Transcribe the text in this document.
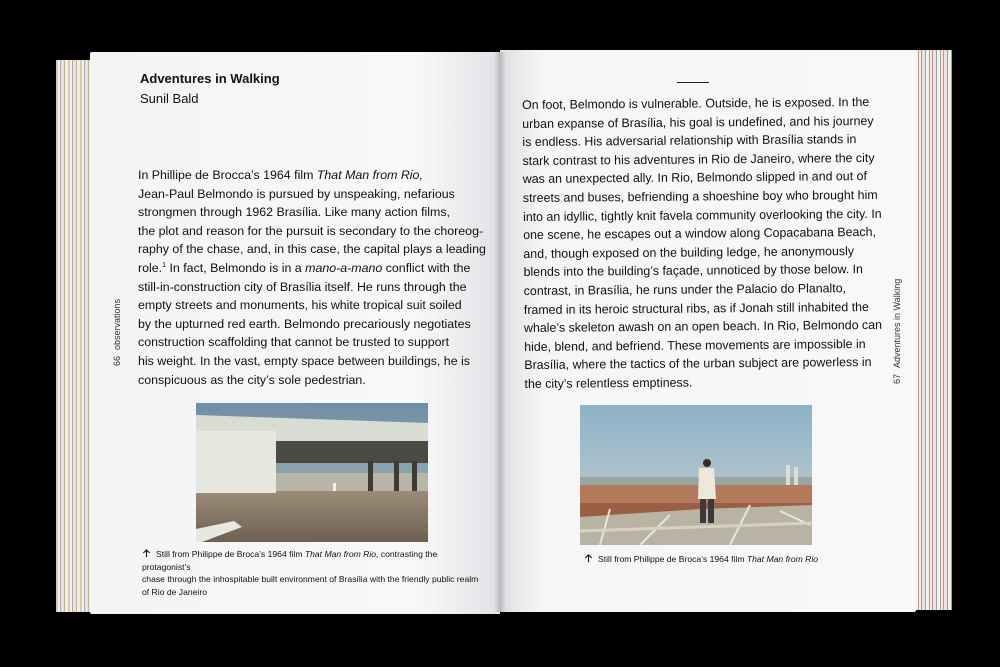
Adventures in Walking
Sunil Bald
In Phillipe de Brocca’s 1964 film That Man from Rio,
Jean-Paul Belmondo is pursued by unspeaking, nefarious
strongmen through 1962 Brasília. Like many action films,
the plot and reason for the pursuit is secondary to the choreog-
raphy of the chase, and, in this case, the capital plays a leading
role.$^1$ In fact, Belmondo is in a mano-a-mano conflict with the
still-in-construction city of Brasília itself. He runs through the
empty streets and monuments, his white tropical suit soiled
by the upturned red earth. Belmondo precariously negotiates
construction scaffolding that cannot be trusted to support
his weight. In the vast, empty space between buildings, he is
conspicuous as the city’s sole pedestrian.
66observations
Still from Philippe de Broca’s 1964 film That Man from Rio, contrasting the protagonist’s
chase through the inhospitable built environment of Brasília with the friendly public realm
of Rio de Janeiro
On foot, Belmondo is vulnerable. Outside, he is exposed. In the
urban expanse of Brasília, his goal is undefined, and his journey
is endless. His adversarial relationship with Brasília stands in
stark contrast to his adventures in Rio de Janeiro, where the city
was an unexpected ally. In Rio, Belmondo slipped in and out of
streets and buses, befriending a shoeshine boy who brought him
into an idyllic, tightly knit favela community overlooking the city. In
one scene, he escapes out a window along Copacabana Beach,
and, though exposed on the building ledge, he anonymously
blends into the building’s façade, unnoticed by those below. In
contrast, in Brasília, he runs under the Palacio do Planalto,
framed in its heroic structural ribs, as if Jonah still inhabited the
whale’s skeleton awash on an open beach. In Rio, Belmondo can
hide, blend, and befriend. These movements are impossible in
Brasília, where the tactics of the urban subject are powerless in
the city’s relentless emptiness.	67Adventures in Walking
Still from Philippe de Broca’s 1964 film That Man from Rio
